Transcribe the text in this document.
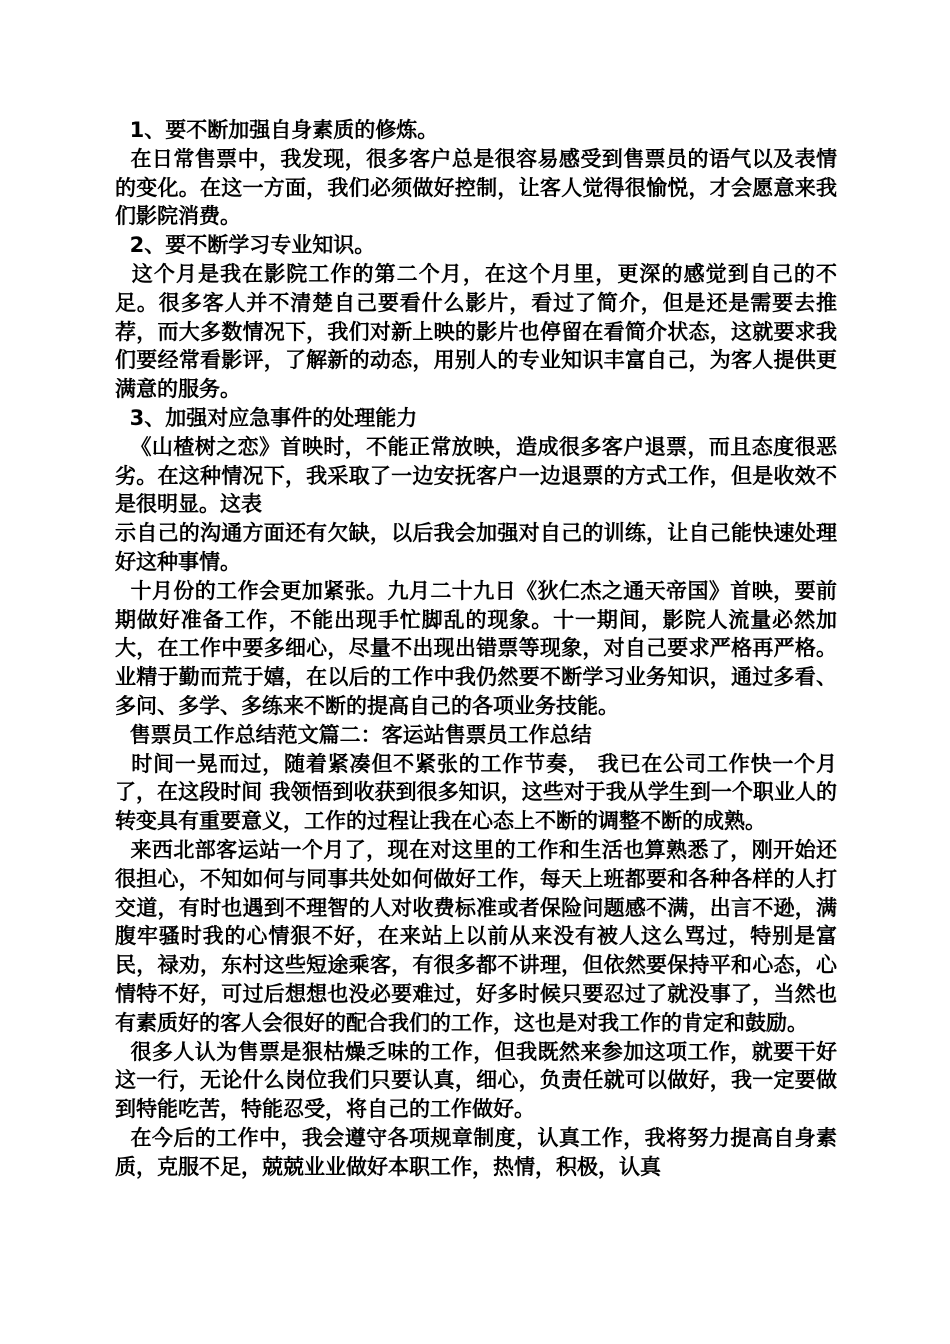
1、要不断加强自身素质的修炼。

在日常售票中，我发现，很多客户总是很容易感受到售票员的语气以及表情的变化。在这一方面，我们必须做好控制，让客人觉得很愉悦，才会愿意来我们影院消费。

2、要不断学习专业知识。

这个月是我在影院工作的第二个月，在这个月里，更深的感觉到自己的不足。很多客人并不清楚自己要看什么影片，看过了简介，但是还是需要去推荐，而大多数情况下，我们对新上映的影片也停留在看简介状态，这就要求我们要经常看影评，了解新的动态，用别人的专业知识丰富自己，为客人提供更满意的服务。

3、加强对应急事件的处理能力

《山楂树之恋》首映时，不能正常放映，造成很多客户退票，而且态度很恶劣。在这种情况下，我采取了一边安抚客户一边退票的方式工作，但是收效不是很明显。这表

示自己的沟通方面还有欠缺，以后我会加强对自己的训练，让自己能快速处理好这种事情。

十月份的工作会更加紧张。九月二十九日《狄仁杰之通天帝国》首映，要前期做好准备工作，不能出现手忙脚乱的现象。十一期间，影院人流量必然加大，在工作中要多细心，尽量不出现出错票等现象，对自己要求严格再严格。业精于勤而荒于嬉，在以后的工作中我仍然要不断学习业务知识，通过多看、多问、多学、多练来不断的提高自己的各项业务技能。

售票员工作总结范文篇二：客运站售票员工作总结

时间一晃而过，随着紧凑但不紧张的工作节奏， 我已在公司工作快一个月了，在这段时间 我领悟到收获到很多知识，这些对于我从学生到一个职业人的转变具有重要意义，工作的过程让我在心态上不断的调整不断的成熟。

来西北部客运站一个月了，现在对这里的工作和生活也算熟悉了，刚开始还很担心，不知如何与同事共处如何做好工作，每天上班都要和各种各样的人打交道，有时也遇到不理智的人对收费标准或者保险问题感不满，出言不逊，满腹牢骚时我的心情狠不好，在来站上以前从来没有被人这么骂过，特别是富民，禄劝，东村这些短途乘客，有很多都不讲理，但依然要保持平和心态，心情特不好，可过后想想也没必要难过，好多时候只要忍过了就没事了，当然也有素质好的客人会很好的配合我们的工作，这也是对我工作的肯定和鼓励。

很多人认为售票是狠枯燥乏味的工作，但我既然来参加这项工作，就要干好这一行，无论什么岗位我们只要认真，细心，负责任就可以做好，我一定要做到特能吃苦，特能忍受，将自己的工作做好。

在今后的工作中，我会遵守各项规章制度，认真工作，我将努力提高自身素质，克服不足，兢兢业业做好本职工作，热情，积极，认真
